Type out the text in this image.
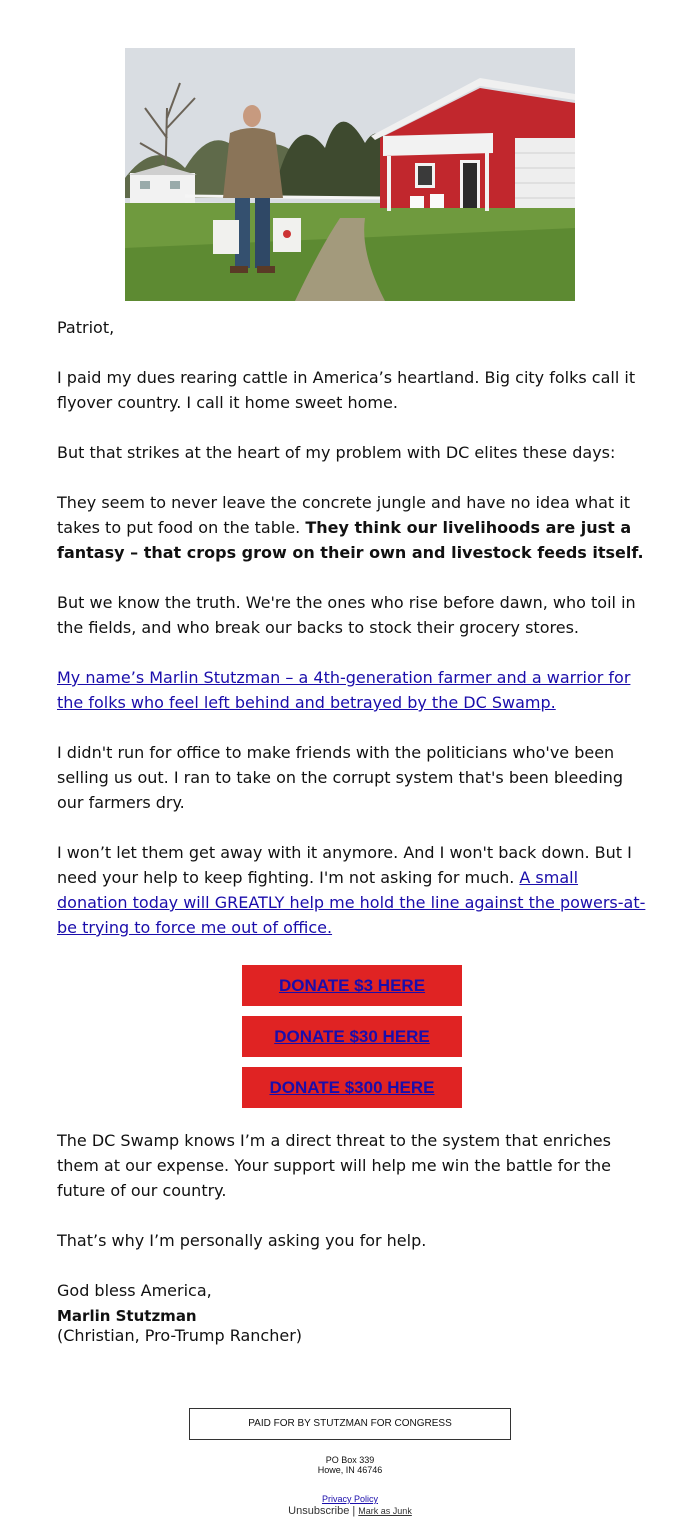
Patriot,

I paid my dues rearing cattle in America’s heartland. Big city folks call it flyover country. I call it home sweet home.

But that strikes at the heart of my problem with DC elites these days:

They seem to never leave the concrete jungle and have no idea what it takes to put food on the table. They think our livelihoods are just a fantasy – that crops grow on their own and livestock feeds itself.

But we know the truth. We're the ones who rise before dawn, who toil in the fields, and who break our backs to stock their grocery stores.

My name’s Marlin Stutzman – a 4th-generation farmer and a warrior for the folks who feel left behind and betrayed by the DC Swamp.

I didn't run for office to make friends with the politicians who've been selling us out. I ran to take on the corrupt system that's been bleeding our farmers dry.

I won’t let them get away with it anymore. And I won't back down. But I need your help to keep fighting. I'm not asking for much. A small donation today will GREATLY help me hold the line against the powers-at-be trying to force me out of office.

DONATE $3 HERE
DONATE $30 HERE
DONATE $300 HERE

The DC Swamp knows I’m a direct threat to the system that enriches them at our expense. Your support will help me win the battle for the future of our country.

That’s why I’m personally asking you for help.

God bless America,

Marlin Stutzman

(Christian, Pro-Trump Rancher)

PAID FOR BY STUTZMAN FOR CONGRESS
PO Box 339
Howe, IN 46746
Privacy Policy
Unsubscribe | Mark as Junk
